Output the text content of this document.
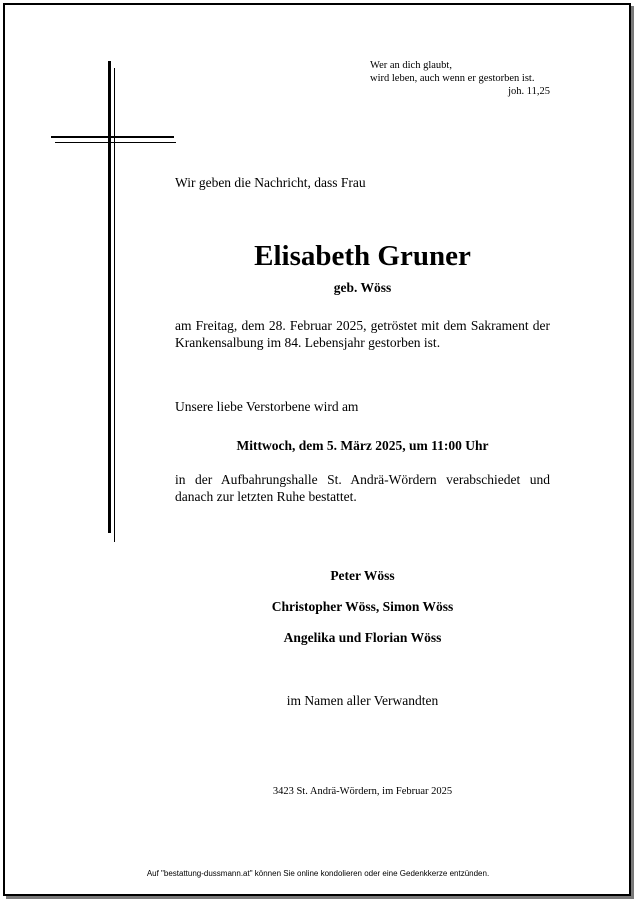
Wer an dich glaubt,
wird leben, auch wenn er gestorben ist.

joh. 11,25
Wir geben die Nachricht, dass Frau
Elisabeth Gruner
geb. Wöss
am Freitag, dem 28. Februar 2025, getröstet mit dem Sakrament der Krankensalbung im 84. Lebensjahr gestorben ist.
Unsere liebe Verstorbene wird am
Mittwoch, dem 5. März 2025, um 11:00 Uhr
in der Aufbahrungshalle St. Andrä-Wördern verabschiedet und danach zur letzten Ruhe bestattet.
Peter Wöss
Christopher Wöss, Simon Wöss
Angelika und Florian Wöss
im Namen aller Verwandten
3423 St. Andrä-Wördern, im Februar 2025
Auf "bestattung-dussmann.at" können Sie online kondolieren oder eine Gedenkkerze entzünden.
